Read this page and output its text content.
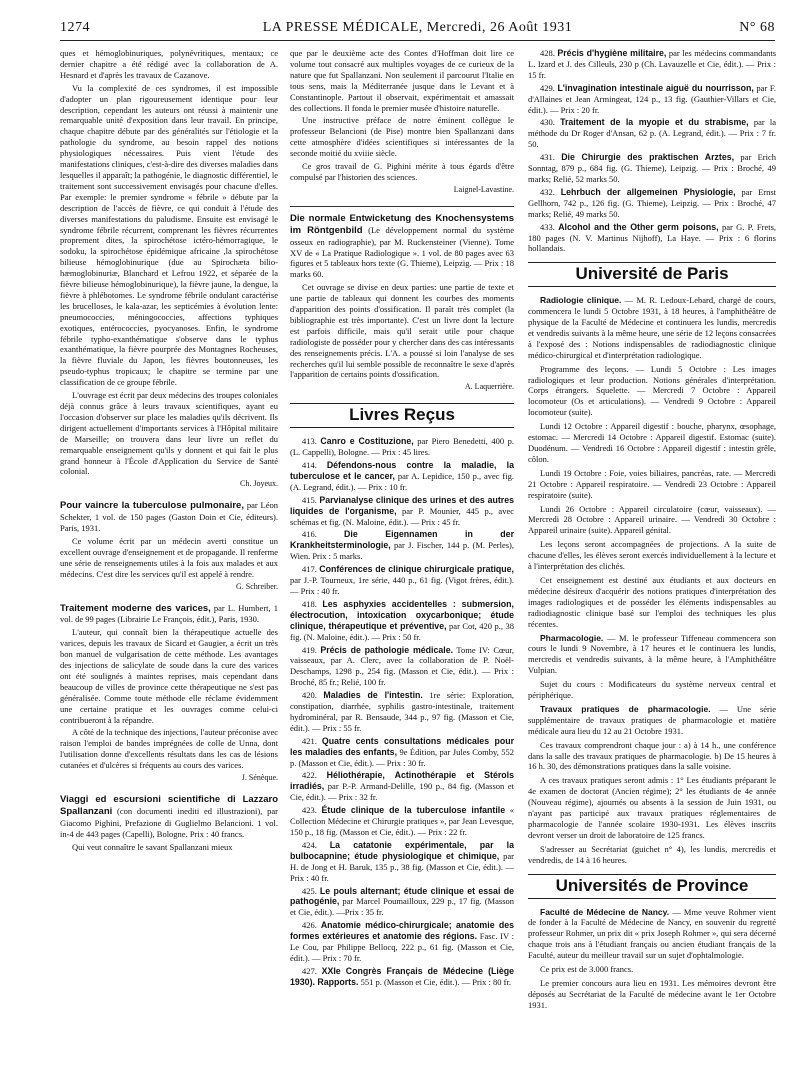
1274	LA PRESSE MÉDICALE, Mercredi, 26 Août 1931	N° 68

ques et hémoglobinuriques, polynévritiques, mentaux; ce dernier chapitre a été rédigé avec la collaboration de A. Hesnard et d'après les travaux de Cazanove.

Vu la complexité de ces syndromes, il est impossible d'adopter un plan rigoureusement identique pour leur description, cependant les auteurs ont réussi à maintenir une remarquable unité d'exposition dans leur travail. En principe, chaque chapitre débute par des généralités sur l'étiologie et la pathologie du syndrome, au besoin rappel des notions physiologiques nécessaires. Puis vient l'étude des manifestations cliniques, c'est-à-dire des diverses maladies dans lesquelles il apparaît; la pathogénie, le diagnostic différentiel, le traitement sont successivement envisagés pour chacune d'elles. Par exemple: le premier syndrome « fébrile » débute par la description de l'accès de fièvre, ce qui conduit à l'étude des diverses manifestations du paludisme. Ensuite est envisagé le syndrome fébrile récurrent, comprenant les fièvres récurrentes proprement dites, la spirochétose ictéro-hémorragique, le sodoku, la spirochétose épidémique africaine ,la spirochétose bilieuse hémoglobinurique (due au Spirochæta bilio-hæmoglobinuriæ, Blanchard et Lefrou 1922, et séparée de la fièvre bilieuse hémoglobinurique), la fièvre jaune, la dengue, la fièvre à phlébotomes. Le syndrome fébrile ondulant caractérise les brucelloses, le kala-azar, les septicémies à évolution lente: pneumococcies, méningococcies, affections typhiques exotiques, entérococcies, pyocyanoses. Enfin, le syndrome fébrile typho-exanthématique s'observe dans le typhus exanthématique, la fièvre pourprée des Montagnes Rocheuses, la fièvre fluviale du Japon, les fièvres boutonneuses, les pseudo-typhus tropicaux; le chapitre se termine par une classification de ce groupe fébrile.

L'ouvrage est écrit par deux médecins des troupes coloniales déjà connus grâce à leurs travaux scientifiques, ayant eu l'occasion d'observer sur place les maladies qu'ils décrivent. Ils dirigent actuellement d'importants services à l'Hôpital militaire de Marseille; on trouvera dans leur livre un reflet du remarquable enseignement qu'ils y donnent et qui fait le plus grand honneur à l'École d'Application du Service de Santé colonial.

Ch. Joyeux.
Pour vaincre la tuberculose pulmonaire, par Léon Schekter, 1 vol. de 150 pages (Gaston Doin et Cie, éditeurs). Paris, 1931.

Ce volume écrit par un médecin averti constitue un excellent ouvrage d'enseignement et de propagande. Il renferme une série de renseignements utiles à la fois aux malades et aux médecins. C'est dire les services qu'il est appelé à rendre.

G. Schreiber.
Traitement moderne des varices, par L. Humbert, 1 vol. de 99 pages (Librairie Le François, édit.), Paris, 1930.

L'auteur, qui connaît bien la thérapeutique actuelle des varices, depuis les travaux de Sicard et Gaugier, a écrit un très bon manuel de vulgarisation de cette méthode. Les avantages des injections de salicylate de soude dans la cure des varices ont été soulignés à maintes reprises, mais cependant dans beaucoup de villes de province cette thérapeutique ne s'est pas généralisée. Comme toute méthode elle réclame évidemment une certaine pratique et les ouvrages comme celui-ci contribueront à la répandre.

A côté de la technique des injections, l'auteur préconise avec raison l'emploi de bandes imprégnées de colle de Unna, dont l'utilisation donne d'excellents résultats dans les cas de lésions cutanées et d'ulcères si fréquents au cours des varices.

J. Sénèque.
Viaggi ed escursioni scientifiche di Lazzaro Spallanzani (con documenti inediti ed illustrazioni), par Giacomo Pighini, Prefazione di Guglielmo Belancioni. 1 vol. in-4 de 443 pages (Capelli), Bologne. Prix : 40 francs.

Qui veut connaître le savant Spallanzani mieux

que par le deuxième acte des Contes d'Hoffman doit lire ce volume tout consacré aux multiples voyages de ce curieux de la nature que fut Spallanzani. Non seulement il parcourut l'Italie en tous sens, mais la Méditerranée jusque dans le Levant et à Constantinople. Partout il observait, expérimentait et amassait des collections. Il fonda le premier musée d'histoire naturelle.

Une instructive préface de notre éminent collègue le professeur Belancioni (de Pise) montre bien Spallanzani dans cette atmosphère d'idées scientifiques si intéressantes de la seconde moitié du xviiie siècle.

Ce gros travail de G. Pighini mérite à tous égards d'être compulsé par l'historien des sciences.

Laignel-Lavastine.
Die normale Entwicketung des Knochensystems im Röntgenbild (Le développement normal du système osseux en radiographie), par M. Ruckensteiner (Vienne). Tome XV de « La Pratique Radiologique ». 1 vol. de 80 pages avec 63 figures et 5 tableaux hors texte (G. Thieme), Leipzig. — Prix : 18 marks 60.

Cet ouvrage se divise en deux parties: une partie de texte et une partie de tableaux qui donnent les courbes des moments d'apparition des points d'ossification. Il paraît très complet (la bibliographie est très importante). C'est un livre dont la lecture est parfois difficile, mais qu'il serait utile pour chaque radiologiste de posséder pour y chercher dans des cas intéressants des renseignements précis. L'A. a poussé si loin l'analyse de ses recherches qu'il lui semble possible de reconnaître le sexe d'après l'apparition de certains points d'ossification.

A. Laquerrière.
Livres Reçus

413. Canro e Costituzione, par Piero Benedetti, 400 p. (L. Cappelli), Bologne. — Prix : 45 lires.

414. Défendons-nous contre la maladie, la tuberculose et le cancer, par A. Lepidice, 150 p., avec fig. (A. Legrand, édit.). — Prix : 10 fr.

415. Parvianalyse clinique des urines et des autres liquides de l'organisme, par P. Mounier, 445 p., avec schémas et fig. (N. Maloine, édit.). — Prix : 45 fr.

416.	Die Eigennamen in der Krankheitsterminologie, par J. Fischer, 144 p. (M. Perles), Wien. Prix : 5 marks.

417. Conférences de clinique chirurgicale pratique, par J.-P. Tourneux, 1re série, 440 p., 61 fig. (Vigot frères, édit.). — Prix : 40 fr.

418. Les asphyxies accidentelles : submersion, électrocution, intoxication oxycarbonique; étude clinique, thérapeutique et préventive, par Cot, 420 p., 38 fig. (N. Maloine, édit.). — Prix : 50 fr.

419. Précis de pathologie médicale. Tome IV: Cœur, vaisseaux, par A. Clerc, avec la collaboration de P. Noël-Deschamps, 1298 p., 254 fig. (Masson et Cie, édit.). — Prix : Broché, 85 fr.; Relié, 100 fr.

420. Maladies de l'intestin. 1re série: Exploration, constipation, diarrhée, syphilis gastro-intestinale, traitement hydrominéral, par R. Bensaude, 344 p., 97 fig. (Masson et Cie, édit.). — Prix : 55 fr.

421. Quatre cents consultations médicales pour les maladies des enfants, 9e Édition, par Jules Comby, 552 p. (Masson et Cie, édit.). — Prix : 30 fr.

422. Héliothérapie, Actinothérapie et Stérols irradiés, par P.-P. Armand-Delille, 190 p., 84 fig. (Masson et Cie, édit.). — Prix : 32 fr.

423. Étude clinique de la tuberculose infantile « Collection Médecine et Chirurgie pratiques », par Jean Levesque, 150 p., 18 fig. (Masson et Cie, édit.). — Prix : 22 fr.

424. La catatonie expérimentale, par la bulbocapnine; étude physiologique et chimique, par H. de Jong et H. Baruk, 135 p., 38 fig. (Masson et Cie, édit.). — Prix : 40 fr.

425. Le pouls alternant; étude clinique et essai de pathogénie, par Marcel Poumailloux, 229 p., 17 fig. (Masson et Cie, édit.). —Prix : 35 fr.

426. Anatomie médico-chirurgicale; anatomie des formes extérieures et anatomie des régions. Fasc. IV : Le Cou, par Philippe Bellocq, 222 p., 61 fig. (Masson et Cie, édit.). — Prix : 70 fr.

427. XXIe Congrès Français de Médecine (Liège 1930). Rapports. 551 p. (Masson et Cie, édit.). — Prix : 80 fr.

428. Précis d'hygiène militaire, par les médecins commandants L. Izard et J. des Cilleuls, 230 p (Ch. Lavauzelle et Cie, édit.). — Prix : 15 fr.

429. L'invagination intestinale aiguë du nourrisson, par F. d'Allaines et Jean Armingeat, 124 p., 13 fig. (Gauthier-Villars et Cie, édit.). — Prix : 20 fr.

430. Traitement de la myopie et du strabisme, par la méthode du Dr Roger d'Ansan, 62 p. (A. Legrand, édit.). — Prix : 7 fr. 50.

431. Die Chirurgie des praktischen Arztes, par Erich Sonntag, 879 p., 684 fig. (G. Thieme), Leipzig. — Prix : Broché, 49 marks; Relié, 52 marks 50.

432. Lehrbuch der allgemeinen Physiologie, par Ernst Gellhorn, 742 p., 126 fig. (G. Thieme), Leipzig. — Prix : Broché, 47 marks; Relié, 49 marks 50.

433. Alcohol and the Other germ poisons, par G. P. Frets, 180 pages (N. V. Martinus Nijhoff), La Haye. — Prix : 6 florins hollandais.

Université de Paris

Radiologie clinique. — M. R. Ledoux-Lebard, chargé de cours, commencera le lundi 5 Octobre 1931, à 18 heures, à l'amphithéâtre de physique de la Faculté de Médecine et continuera les lundis, mercredis et vendredis suivants à la même heure, une série de 12 leçons consacrées à l'exposé des : Notions indispensables de radiodiagnostic clinique médico-chirurgical et d'interprétation radiologique.

Programme des leçons. — Lundi 5 Octobre : Les images radiologiques et leur production. Notions générales d'interprétation. Corps étrangers. Squelette. — Mercredi 7 Octobre : Appareil locomoteur (Os et articulations). — Vendredi 9 Octobre : Appareil locomoteur (suite).

Lundi 12 Octobre : Appareil digestif : bouche, pharynx, œsophage, estomac. — Mercredi 14 Octobre : Appareil digestif. Estomac (suite). Duodénum. — Vendredi 16 Octobre : Appareil digestif : intestin grêle, côlon.

Lundi 19 Octobre : Foie, voies biliaires, pancréas, rate. — Mercredi 21 Octobre : Appareil respiratoire. — Vendredi 23 Octobre : Appareil respiratoire (suite).

Lundi 26 Octobre : Appareil circulatoire (cœur, vaisseaux). — Mercredi 28 Octobre : Appareil urinaire. — Vendredi 30 Octobre : Appareil urinaire (suite). Appareil génital.

Les leçons seront accompagnées de projections. A la suite de chacune d'elles, les élèves seront exercés individuellement à la lecture et à l'interprétation des clichés.

Cet enseignement est destiné aux étudiants et aux docteurs en médecine désireux d'acquérir des notions pratiques d'interprétation des images radiologiques et de posséder les éléments indispensables au radiodiagnostic clinique basé sur l'emploi des techniques les plus récentes.

Pharmacologie. — M. le professeur Tiffeneau commencera son cours le lundi 9 Novembre, à 17 heures et le continuera les lundis, mercredis et vendredis suivants, à la même heure, à l'Amphithéâtre Vulpian.

Sujet du cours : Modificateurs du système nerveux central et périphérique.

Travaux pratiques de pharmacologie. — Une série supplémentaire de travaux pratiques de pharmacologie et matière médicale aura lieu du 12 au 21 Octobre 1931.

Ces travaux comprendront chaque jour : a) à 14 h., une conférence dans la salle des travaux pratiques de pharmacologie. b) De 15 heures à 16 h. 30, des démonstrations pratiques dans la salle voisine.

A ces travaux pratiques seront admis : 1° Les étudiants préparant le 4e examen de doctorat (Ancien régime); 2° les étudiants de 4e année (Nouveau régime), ajournés ou absents à la session de Juin 1931, ou n'ayant pas participé aux travaux pratiques réglementaires de pharmacologie de l'année scolaire 1930-1931. Les élèves inscrits devront verser un droit de laboratoire de 125 francs.

S'adresser au Secrétariat (guichet n° 4), les lundis, mercredis et vendredis, de 14 à 16 heures.

Universités de Province

Faculté de Médecine de Nancy. — Mme veuve Rohmer vient de fonder à la Faculté de Médecine de Nancy, en souvenir du regretté professeur Rohmer, un prix dit « prix Joseph Rohmer », qui sera décerné chaque trois ans à l'étudiant français ou ancien étudiant français de la Faculté, auteur du meilleur travail sur un sujet d'ophtalmologie.

Ce prix est de 3.000 francs.

Le premier concours aura lieu en 1931. Les mémoires devront être déposés au Secrétariat de la Faculté de médecine avant le 1er Octobre 1931.
